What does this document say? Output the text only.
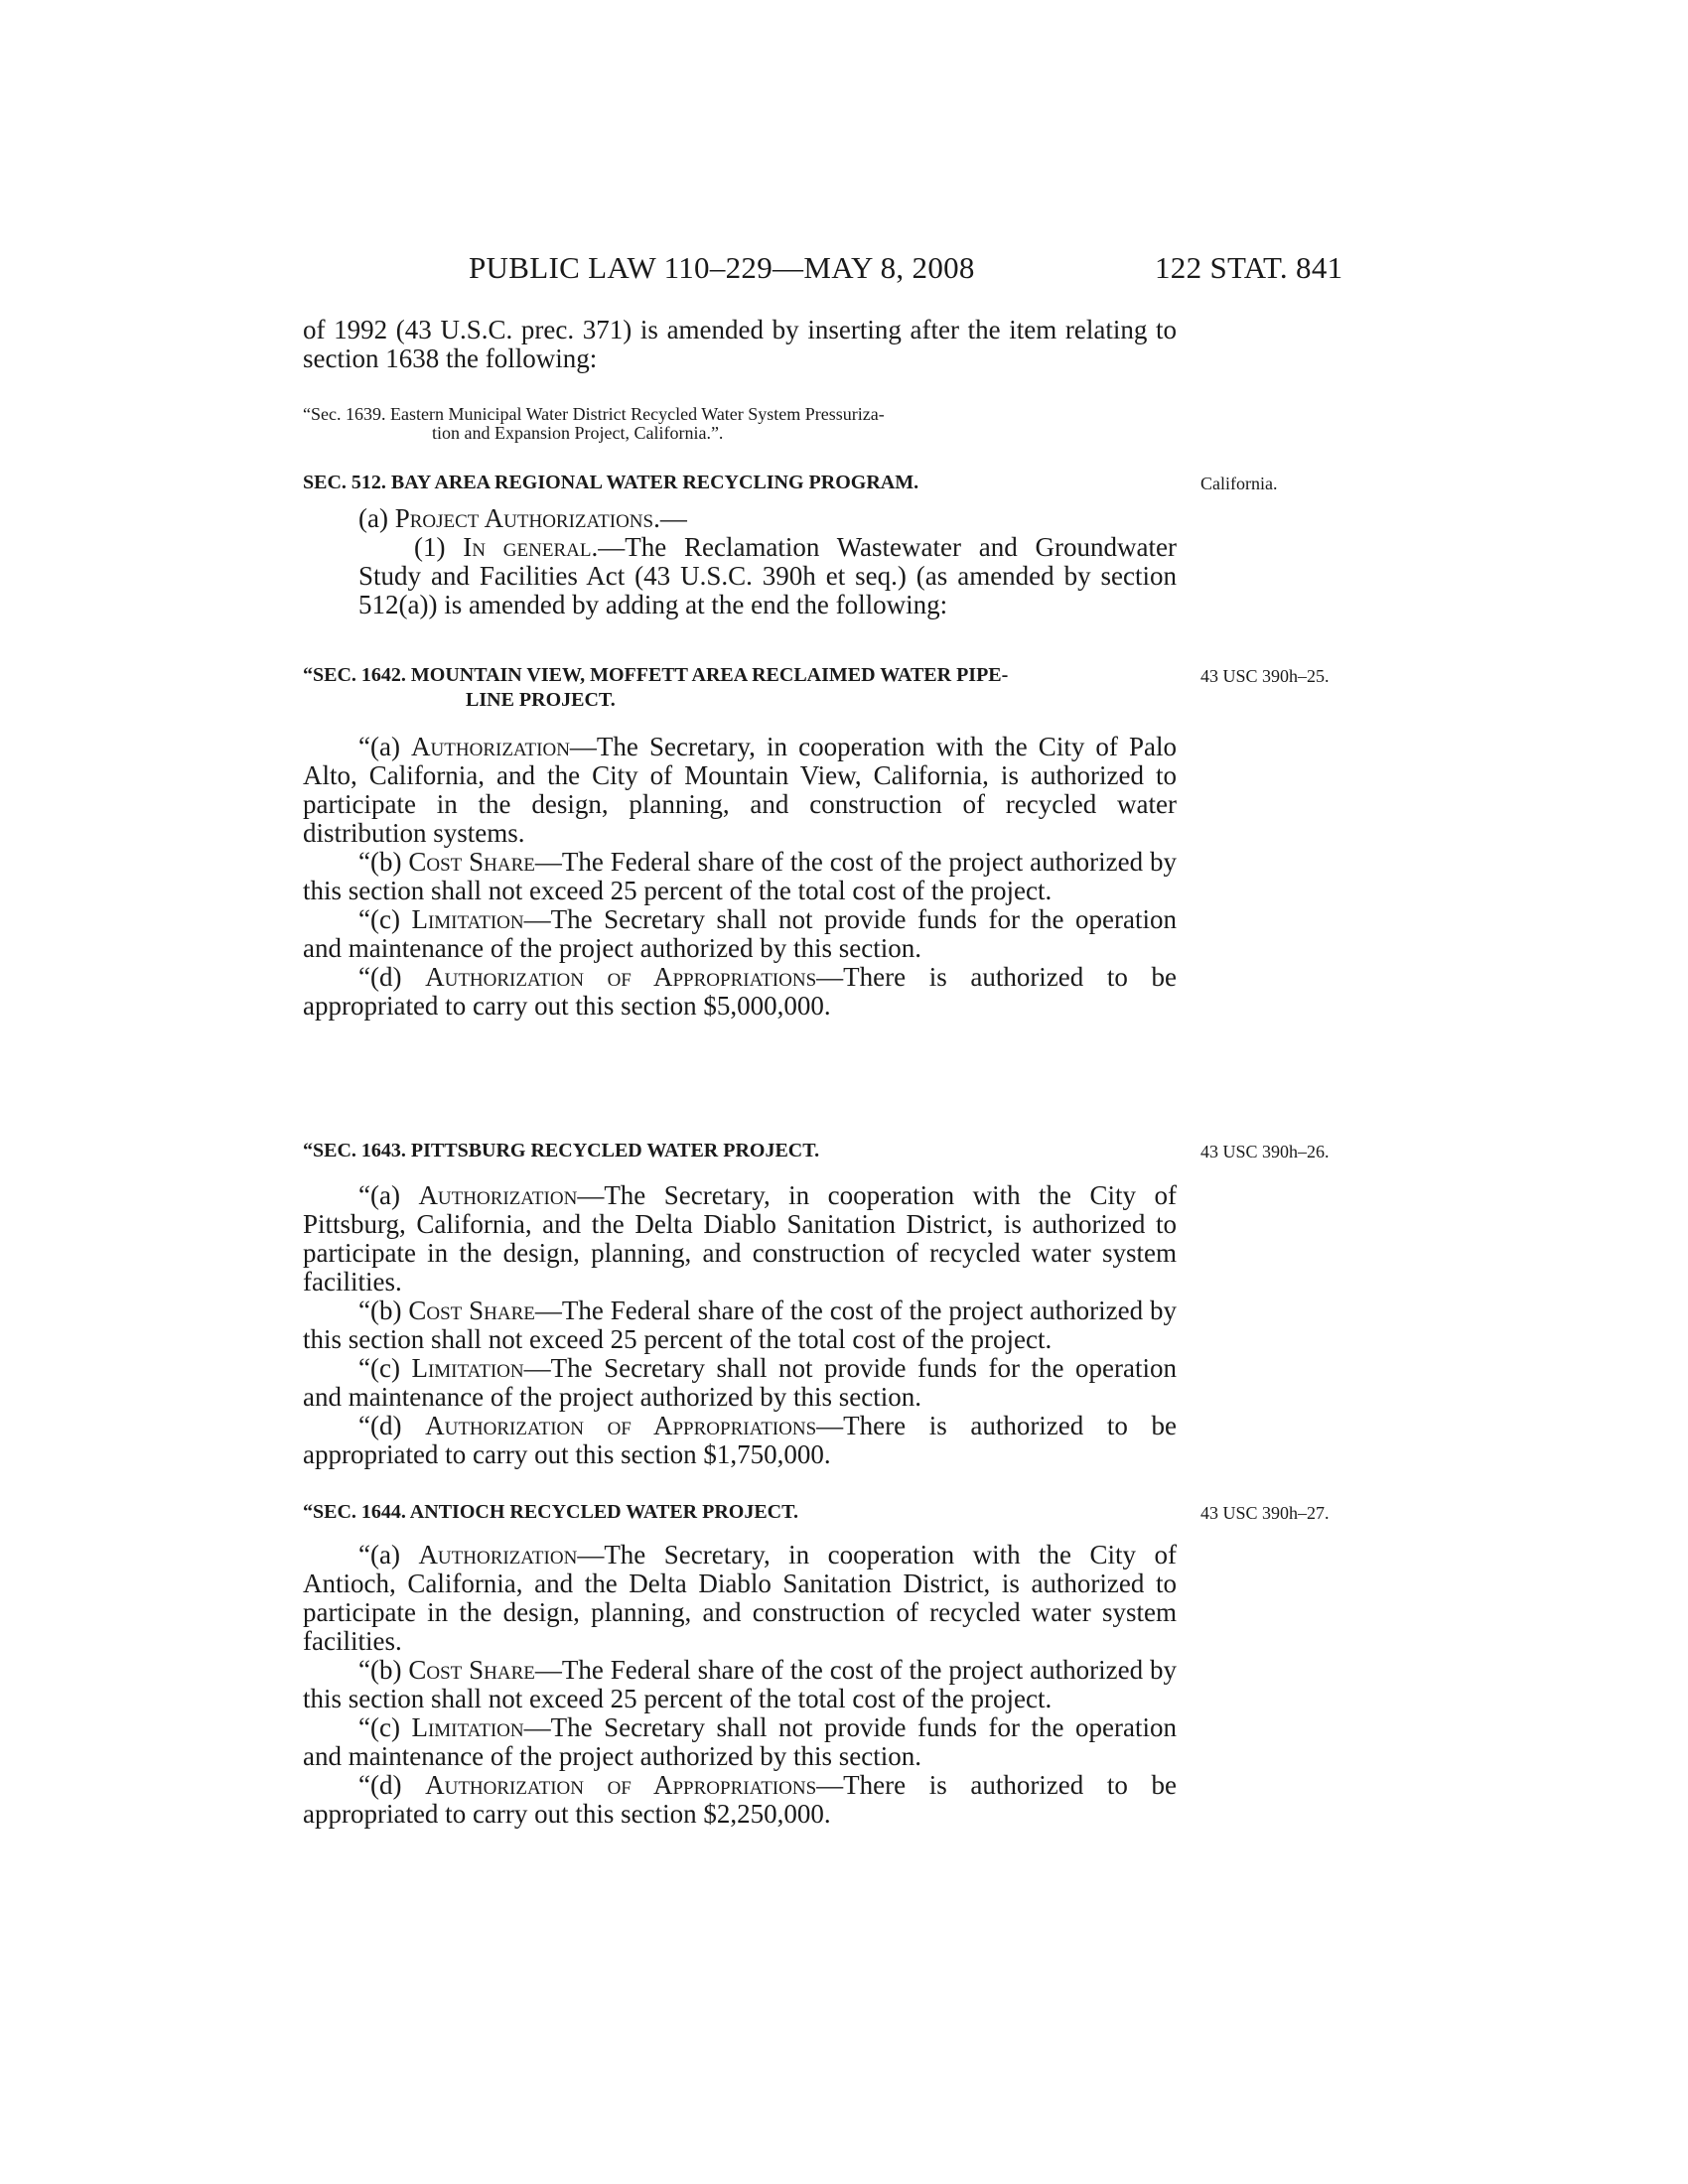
PUBLIC LAW 110–229—MAY 8, 2008	122 STAT. 841

of 1992 (43 U.S.C. prec. 371) is amended by inserting after the item relating to section 1638 the following:

“Sec. 1639. Eastern Municipal Water District Recycled Water System Pressuriza-
tion and Expansion Project, California.”.
SEC. 512. BAY AREA REGIONAL WATER RECYCLING PROGRAM.	California.

(a) Project Authorizations.—

(1) In general.—The Reclamation Wastewater and Groundwater Study and Facilities Act (43 U.S.C. 390h et seq.) (as amended by section 512(a)) is amended by adding at the end the following:

“SEC. 1642. MOUNTAIN VIEW, MOFFETT AREA RECLAIMED WATER PIPE-
LINE PROJECT.
43 USC 390h–25.

“(a) Authorization—The Secretary, in cooperation with the City of Palo Alto, California, and the City of Mountain View, California, is authorized to participate in the design, planning, and construction of recycled water distribution systems.

“(b) Cost Share—The Federal share of the cost of the project authorized by this section shall not exceed 25 percent of the total cost of the project.

“(c) Limitation—The Secretary shall not provide funds for the operation and maintenance of the project authorized by this section.

“(d) Authorization of Appropriations—There is authorized to be appropriated to carry out this section $5,000,000.

“SEC. 1643. PITTSBURG RECYCLED WATER PROJECT.	43 USC 390h–26.

“(a) Authorization—The Secretary, in cooperation with the City of Pittsburg, California, and the Delta Diablo Sanitation District, is authorized to participate in the design, planning, and construction of recycled water system facilities.

“(b) Cost Share—The Federal share of the cost of the project authorized by this section shall not exceed 25 percent of the total cost of the project.

“(c) Limitation—The Secretary shall not provide funds for the operation and maintenance of the project authorized by this section.

“(d) Authorization of Appropriations—There is authorized to be appropriated to carry out this section $1,750,000.

“SEC. 1644. ANTIOCH RECYCLED WATER PROJECT.	43 USC 390h–27.

“(a) Authorization—The Secretary, in cooperation with the City of Antioch, California, and the Delta Diablo Sanitation District, is authorized to participate in the design, planning, and construction of recycled water system facilities.

“(b) Cost Share—The Federal share of the cost of the project authorized by this section shall not exceed 25 percent of the total cost of the project.

“(c) Limitation—The Secretary shall not provide funds for the operation and maintenance of the project authorized by this section.

“(d) Authorization of Appropriations—There is authorized to be appropriated to carry out this section $2,250,000.
